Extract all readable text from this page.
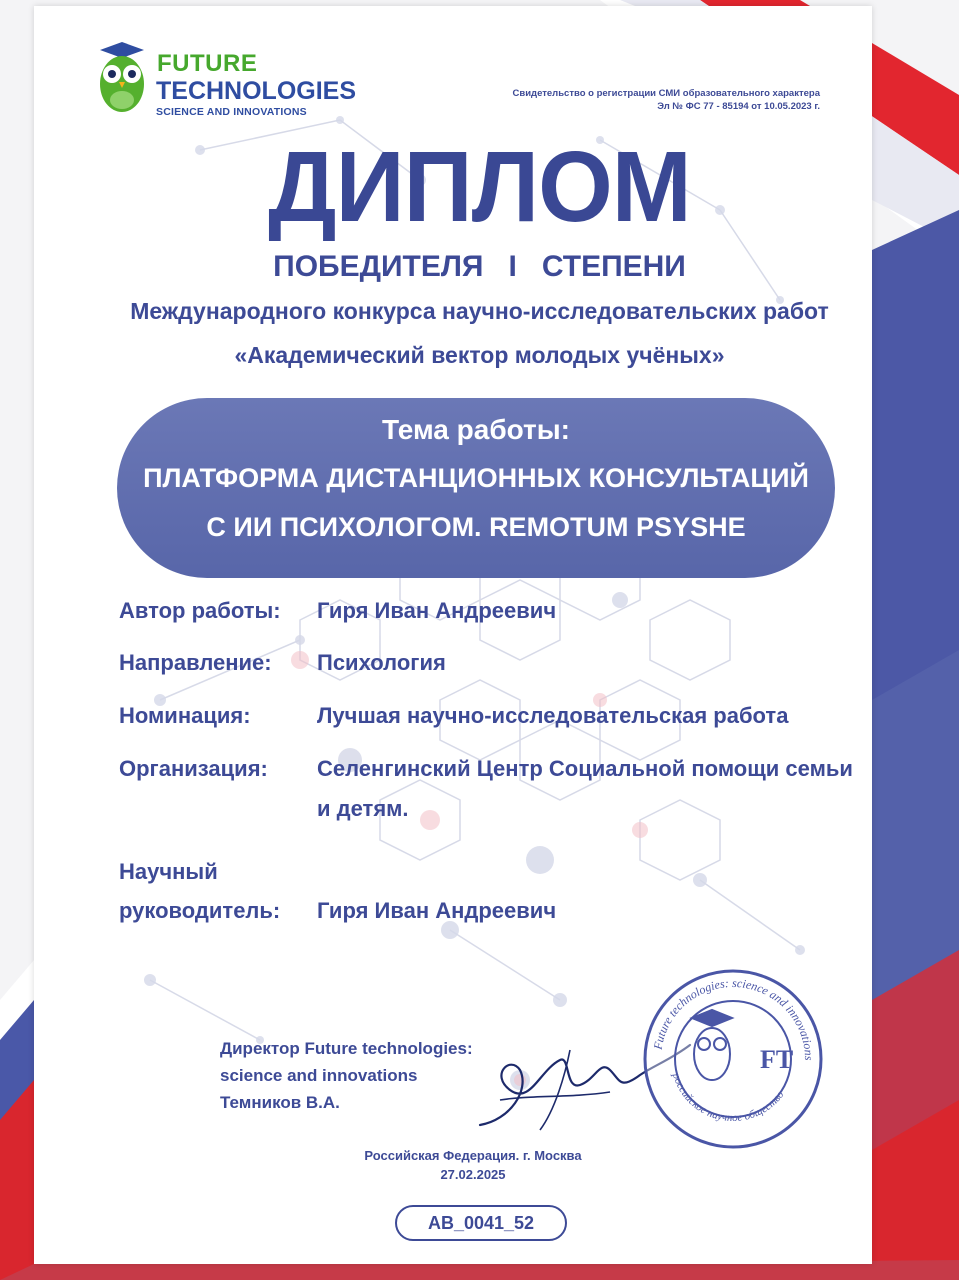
FUTURE
TECHNOLOGIES
SCIENCE AND INNOVATIONS
Свидетельство о регистрации СМИ образовательного характера
Эл № ФС 77 - 85194 от 10.05.2023 г.
ДИПЛОМ
ПОБЕДИТЕЛЯ   I   СТЕПЕНИ
Международного конкурса научно-исследовательских работ
«Академический вектор молодых учёных»
Тема работы:
ПЛАТФОРМА ДИСТАНЦИОННЫХ КОНСУЛЬТАЦИЙ
С ИИ ПСИХОЛОГОМ. REMOTUM PSYSHE
Автор работы: Гиря Иван Андреевич
Направление: Психология
Номинация:	Лучшая научно-исследовательская работа
Организация: Селенгинский Центр Социальной помощи семьи
и детям.
Научный
руководитель: Гиря Иван Андреевич
Директор Future technologies:
science and innovations
Темников В.А.
Future technologies: science and innovations
российское научное общество
FT
Российская Федерация. г. Москва
27.02.2025
AB_0041_52
